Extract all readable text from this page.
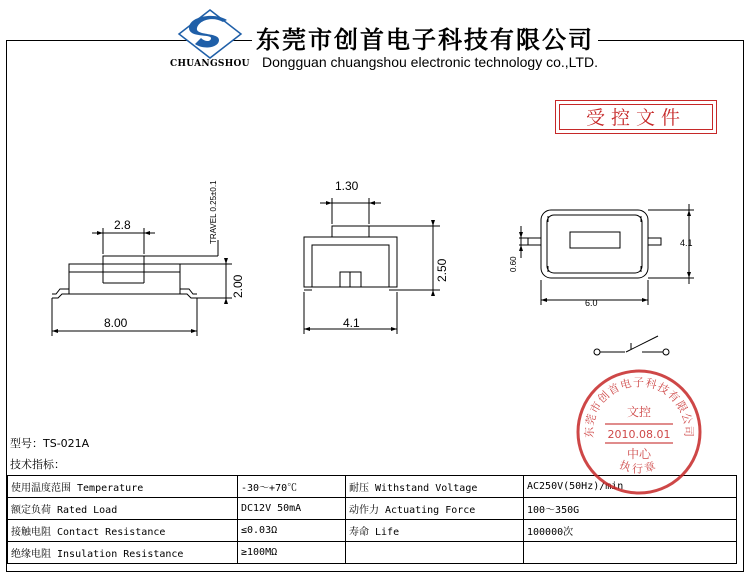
CHUANGSHOU
东莞市创首电子科技有限公司
Dongguan chuangshou electronic technology co.,LTD.
受控文件
2.8
8.00
2.00
TRAVEL 0.25±0.1	1.30
2.50
4.1
0.60
4.1
6.0
型号：TS-021A
技术指标：
使用温度范围 Temperature	-30～+70℃	耐压 Withstand Voltage	AC250V(50Hz)/min
额定负荷 Rated Load	DC12V 50mA	动作力 Actuating Force	100～350G
接触电阻 Contact Resistance	≤0.03Ω	寿命 Life	100000次
绝缘电阻 Insulation Resistance	≥100MΩ		
东莞市创首电子科技有限公司
文控
2010.08.01
中心
执行章
